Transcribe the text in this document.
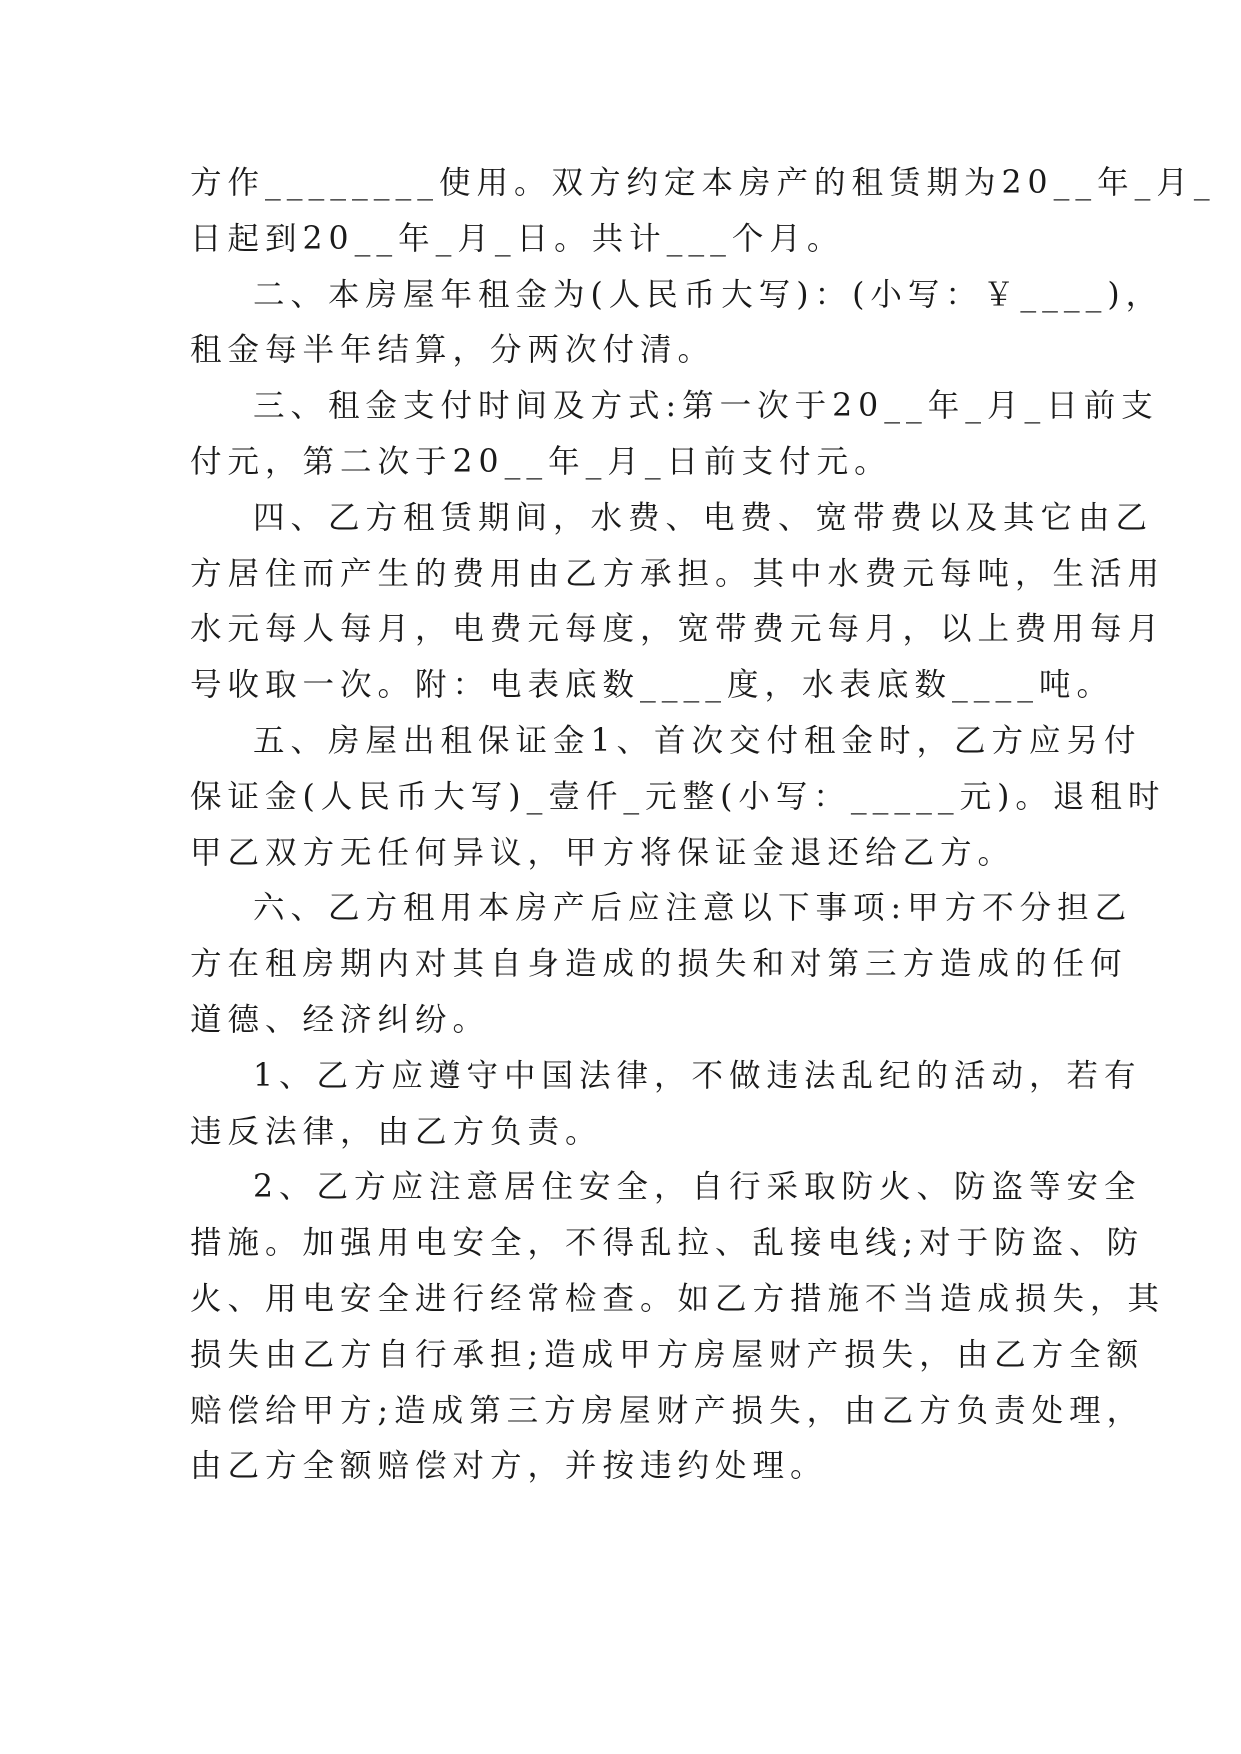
方作________使用。双方约定本房产的租赁期为20__年_月_
日起到20__年_月_日。共计___个月。
二、本房屋年租金为(人民币大写)：(小写：￥____)，
租金每半年结算，分两次付清。
三、租金支付时间及方式:第一次于20__年_月_日前支
付元，第二次于20__年_月_日前支付元。
四、乙方租赁期间，水费、电费、宽带费以及其它由乙
方居住而产生的费用由乙方承担。其中水费元每吨，生活用
水元每人每月，电费元每度，宽带费元每月，以上费用每月
号收取一次。附：电表底数____度，水表底数____吨。
五、房屋出租保证金1、首次交付租金时，乙方应另付
保证金(人民币大写)_壹仟_元整(小写：_____元)。退租时
甲乙双方无任何异议，甲方将保证金退还给乙方。
六、乙方租用本房产后应注意以下事项:甲方不分担乙
方在租房期内对其自身造成的损失和对第三方造成的任何
道德、经济纠纷。
1、乙方应遵守中国法律，不做违法乱纪的活动，若有
违反法律，由乙方负责。
2、乙方应注意居住安全，自行采取防火、防盗等安全
措施。加强用电安全，不得乱拉、乱接电线;对于防盗、防
火、用电安全进行经常检查。如乙方措施不当造成损失，其
损失由乙方自行承担;造成甲方房屋财产损失，由乙方全额
赔偿给甲方;造成第三方房屋财产损失，由乙方负责处理，
由乙方全额赔偿对方，并按违约处理。
